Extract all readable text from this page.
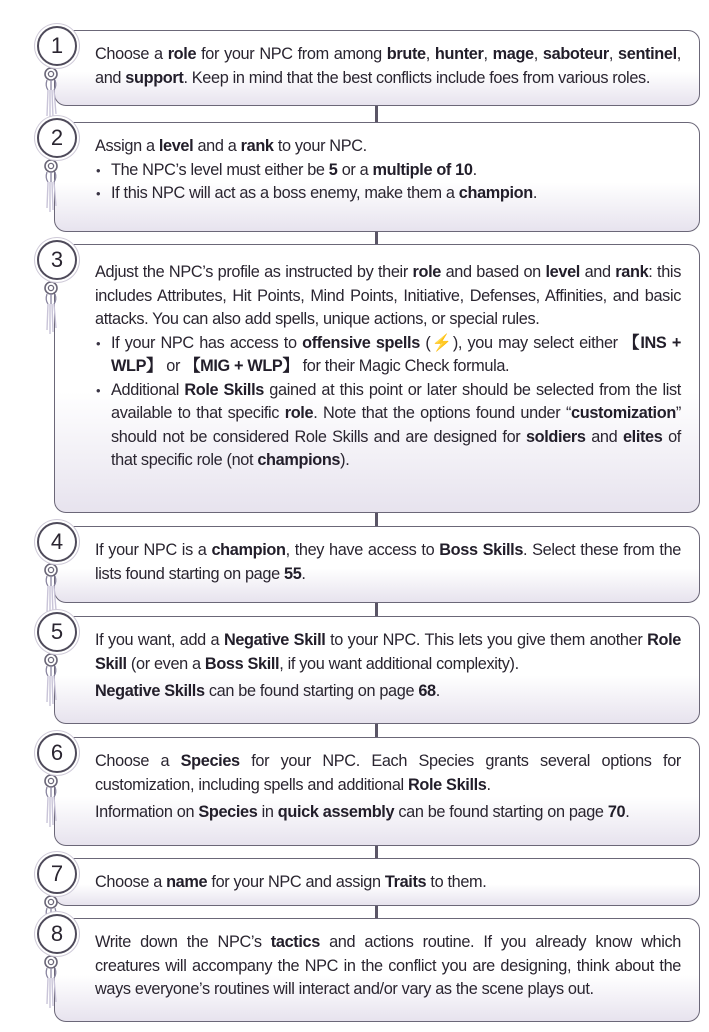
Choose a role for your NPC from among brute, hunter, mage, saboteur, sentinel, and support. Keep in mind that the best conflicts include foes from various roles.

Assign a level and a rank to your NPC.

• The NPC’s level must either be 5 or a multiple of 10.

• If this NPC will act as a boss enemy, make them a champion.

Adjust the NPC’s profile as instructed by their role and based on level and rank: this includes Attributes, Hit Points, Mind Points, Initiative, Defenses, Affinities, and basic attacks. You can also add spells, unique actions, or special rules.

• If your NPC has access to offensive spells (⚡), you may select either 【INS + WLP】 or 【MIG + WLP】 for their Magic Check formula.

• Additional Role Skills gained at this point or later should be selected from the list available to that specific role. Note that the options found under “customization” should not be considered Role Skills and are designed for soldiers and elites of that specific role (not champions).

If your NPC is a champion, they have access to Boss Skills. Select these from the lists found starting on page 55.

If you want, add a Negative Skill to your NPC. This lets you give them another Role Skill (or even a Boss Skill, if you want additional complexity).

Negative Skills can be found starting on page 68.

Choose a Species for your NPC. Each Species grants several options for customization, including spells and additional Role Skills.

Information on Species in quick assembly can be found starting on page 70.

Choose a name for your NPC and assign Traits to them.

Write down the NPC’s tactics and actions routine. If you already know which creatures will accompany the NPC in the conflict you are designing, think about the ways everyone’s routines will interact and/or vary as the scene plays out.

1
2
3
4
5
6
7
8
